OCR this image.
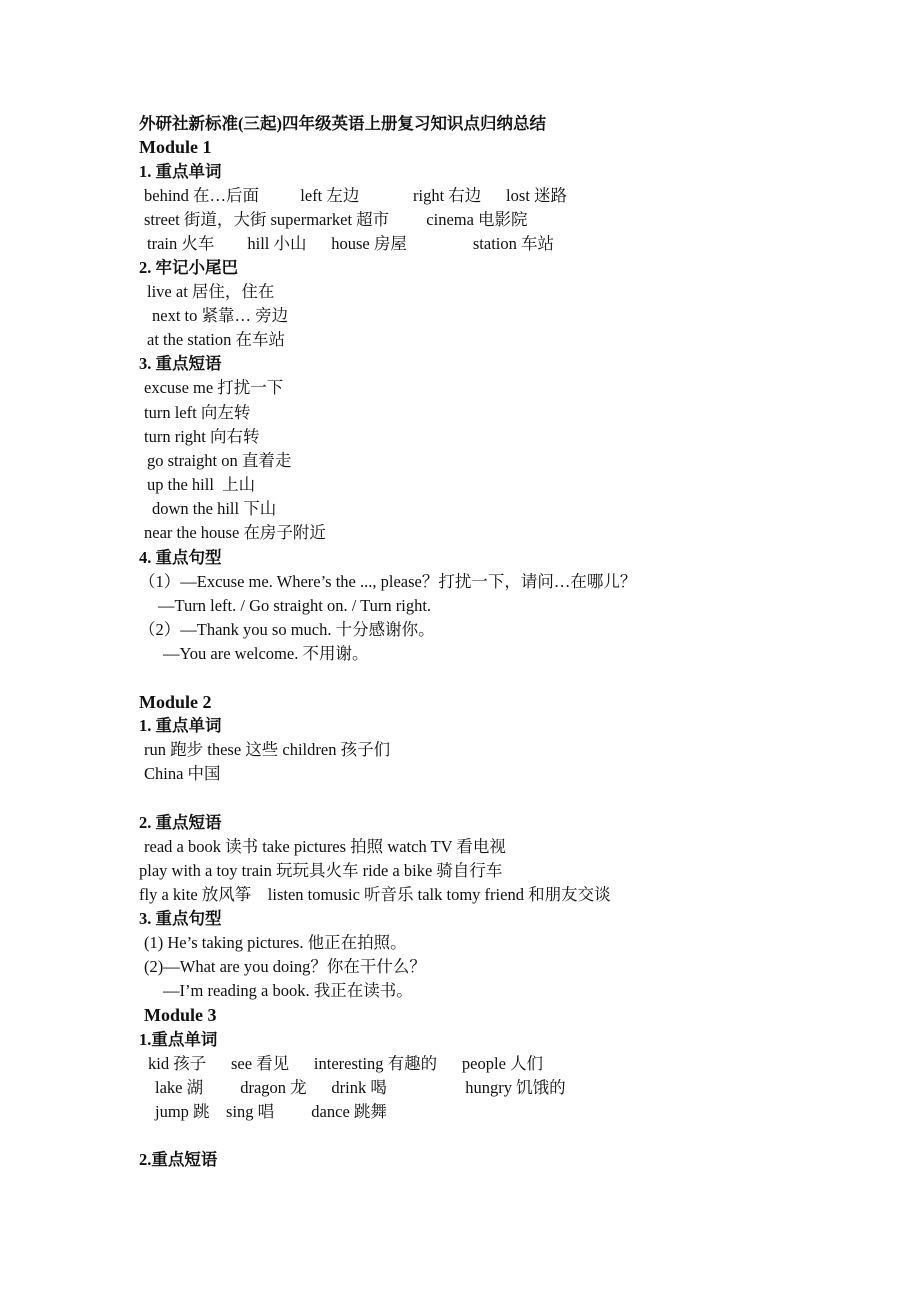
外研社新标准(三起)四年级英语上册复习知识点归纳总结
Module 1
1. 重点单词
behind 在…后面          left 左边             right 右边      lost 迷路
street 街道，大街 supermarket 超市         cinema 电影院
train 火车        hill 小山      house 房屋                station 车站
2. 牢记小尾巴
live at 居住，住在
next to 紧靠… 旁边
at the station 在车站
3. 重点短语
excuse me 打扰一下
turn left 向左转
turn right 向右转
go straight on 直着走
up the hill  上山
down the hill 下山
near the house 在房子附近
4. 重点句型
（1）—Excuse me. Where’s the ..., please？打扰一下，请问…在哪儿？
—Turn left. / Go straight on. / Turn right.
（2）—Thank you so much. 十分感谢你。
—You are welcome. 不用谢。
Module 2
1. 重点单词
run 跑步 these 这些 children 孩子们
China 中国
2. 重点短语
read a book 读书 take pictures 拍照 watch TV 看电视
play with a toy train 玩玩具火车 ride a bike 骑自行车
fly a kite 放风筝    listen tomusic 听音乐 talk tomy friend 和朋友交谈
3. 重点句型
(1) He’s taking pictures. 他正在拍照。
(2)—What are you doing？你在干什么？
—I’m reading a book. 我正在读书。
Module 3
1.重点单词
kid 孩子      see 看见      interesting 有趣的      people 人们
lake 湖         dragon 龙      drink 喝                   hungry 饥饿的
jump 跳    sing 唱         dance 跳舞
2.重点短语
